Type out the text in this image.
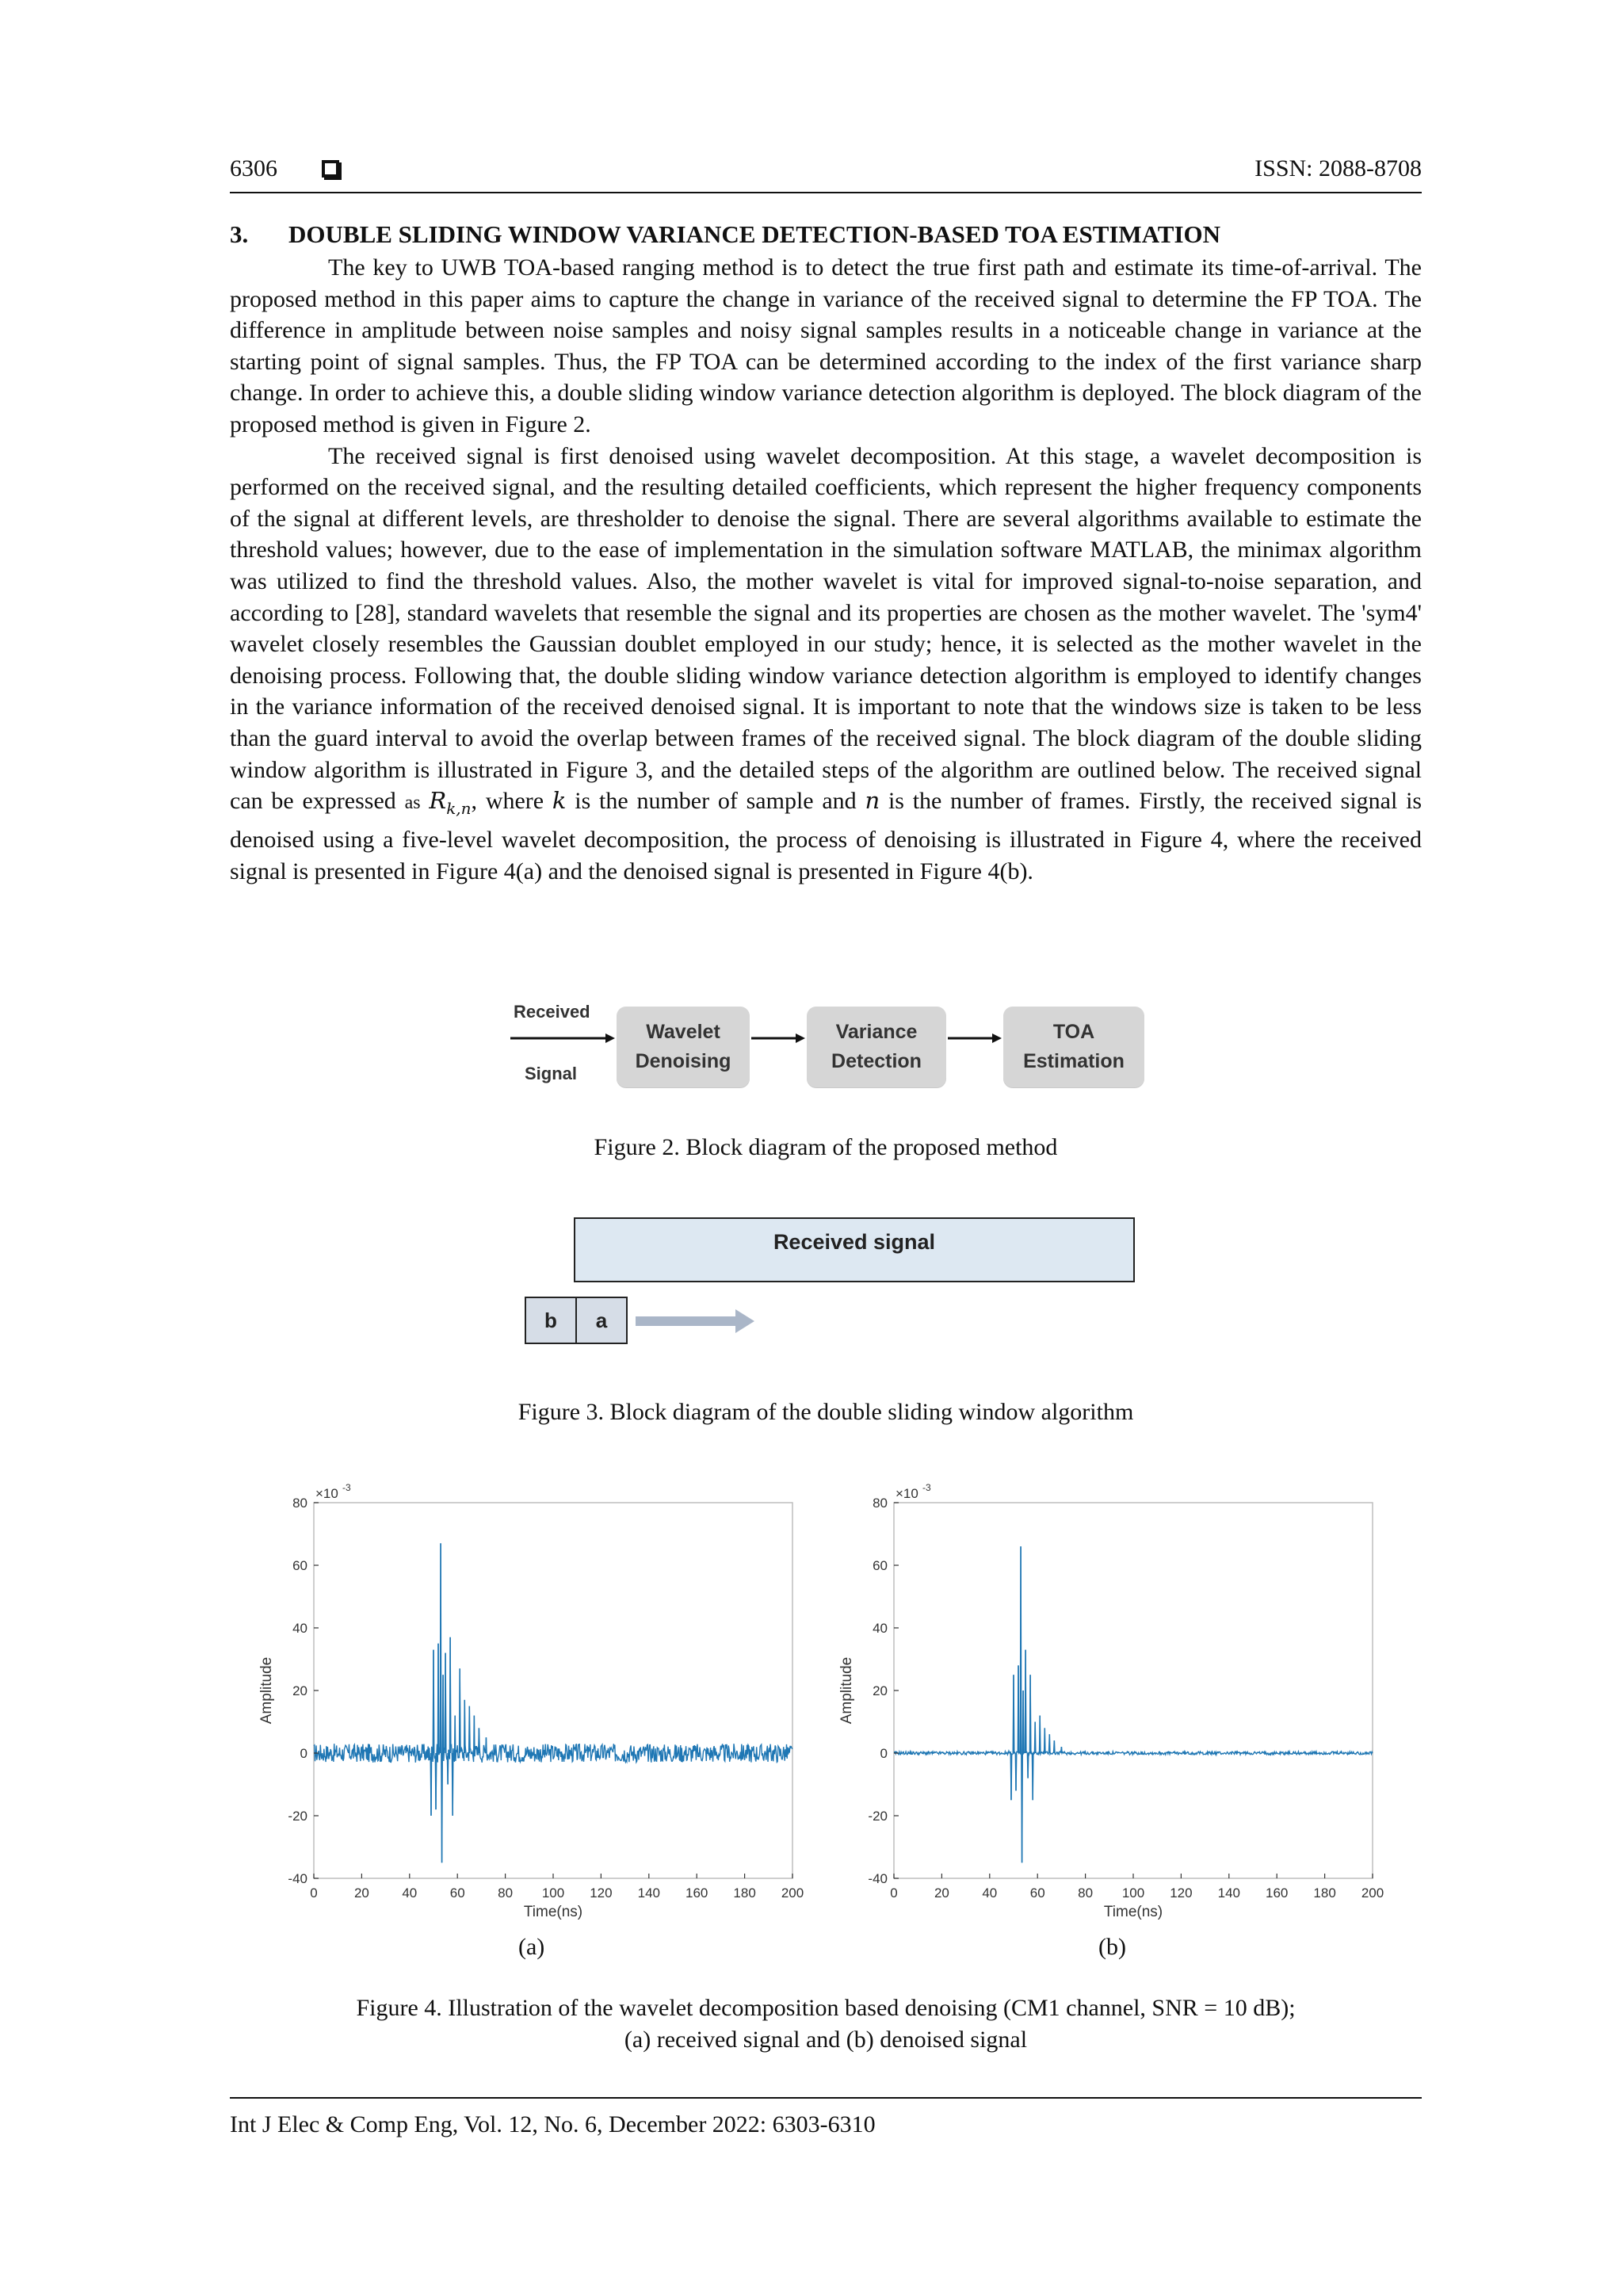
6306	ISSN: 2088-8708
3. DOUBLE SLIDING WINDOW VARIANCE DETECTION-BASED TOA ESTIMATION

The key to UWB TOA-based ranging method is to detect the true first path and estimate its time-of-arrival. The proposed method in this paper aims to capture the change in variance of the received signal to determine the FP TOA. The difference in amplitude between noise samples and noisy signal samples results in a noticeable change in variance at the starting point of signal samples. Thus, the FP TOA can be determined according to the index of the first variance sharp change. In order to achieve this, a double sliding window variance detection algorithm is deployed. The block diagram of the proposed method is given in Figure 2.

The received signal is first denoised using wavelet decomposition. At this stage, a wavelet decomposition is performed on the received signal, and the resulting detailed coefficients, which represent the higher frequency components of the signal at different levels, are thresholder to denoise the signal. There are several algorithms available to estimate the threshold values; however, due to the ease of implementation in the simulation software MATLAB, the minimax algorithm was utilized to find the threshold values. Also, the mother wavelet is vital for improved signal-to-noise separation, and according to [28], standard wavelets that resemble the signal and its properties are chosen as the mother wavelet. The 'sym4' wavelet closely resembles the Gaussian doublet employed in our study; hence, it is selected as the mother wavelet in the denoising process. Following that, the double sliding window variance detection algorithm is employed to identify changes in the variance information of the received denoised signal. It is important to note that the windows size is taken to be less than the guard interval to avoid the overlap between frames of the received signal. The block diagram of the double sliding window algorithm is illustrated in Figure 3, and the detailed steps of the algorithm are outlined below. The received signal can be expressed as $R_{k,n}$, where k is the number of sample and n is the number of frames. Firstly, the received signal is denoised using a five-level wavelet decomposition, the process of denoising is illustrated in Figure 4, where the received signal is presented in Figure 4(a) and the denoised signal is presented in Figure 4(b).

Received
Signal
Wavelet
Denoising
Variance
Detection
TOA
Estimation
Figure 2. Block diagram of the proposed method
Received signal
b	a
Figure 3. Block diagram of the double sliding window algorithm
0	20 40 60 80 100 120 140 160 180 200
-40
-20
0
20
40
60
80
Time(ns)
Amplitude
×10 -3
0	20 40 60 80 100 120 140 160 180 200
-40
-20
0
20
40
60
80
Time(ns)
Amplitude
×10 -3
(a)	(b)
Figure 4. Illustration of the wavelet decomposition based denoising (CM1 channel, SNR = 10 dB);
(a) received signal and (b) denoised signal
Int J Elec & Comp Eng, Vol. 12, No. 6, December 2022: 6303-6310
